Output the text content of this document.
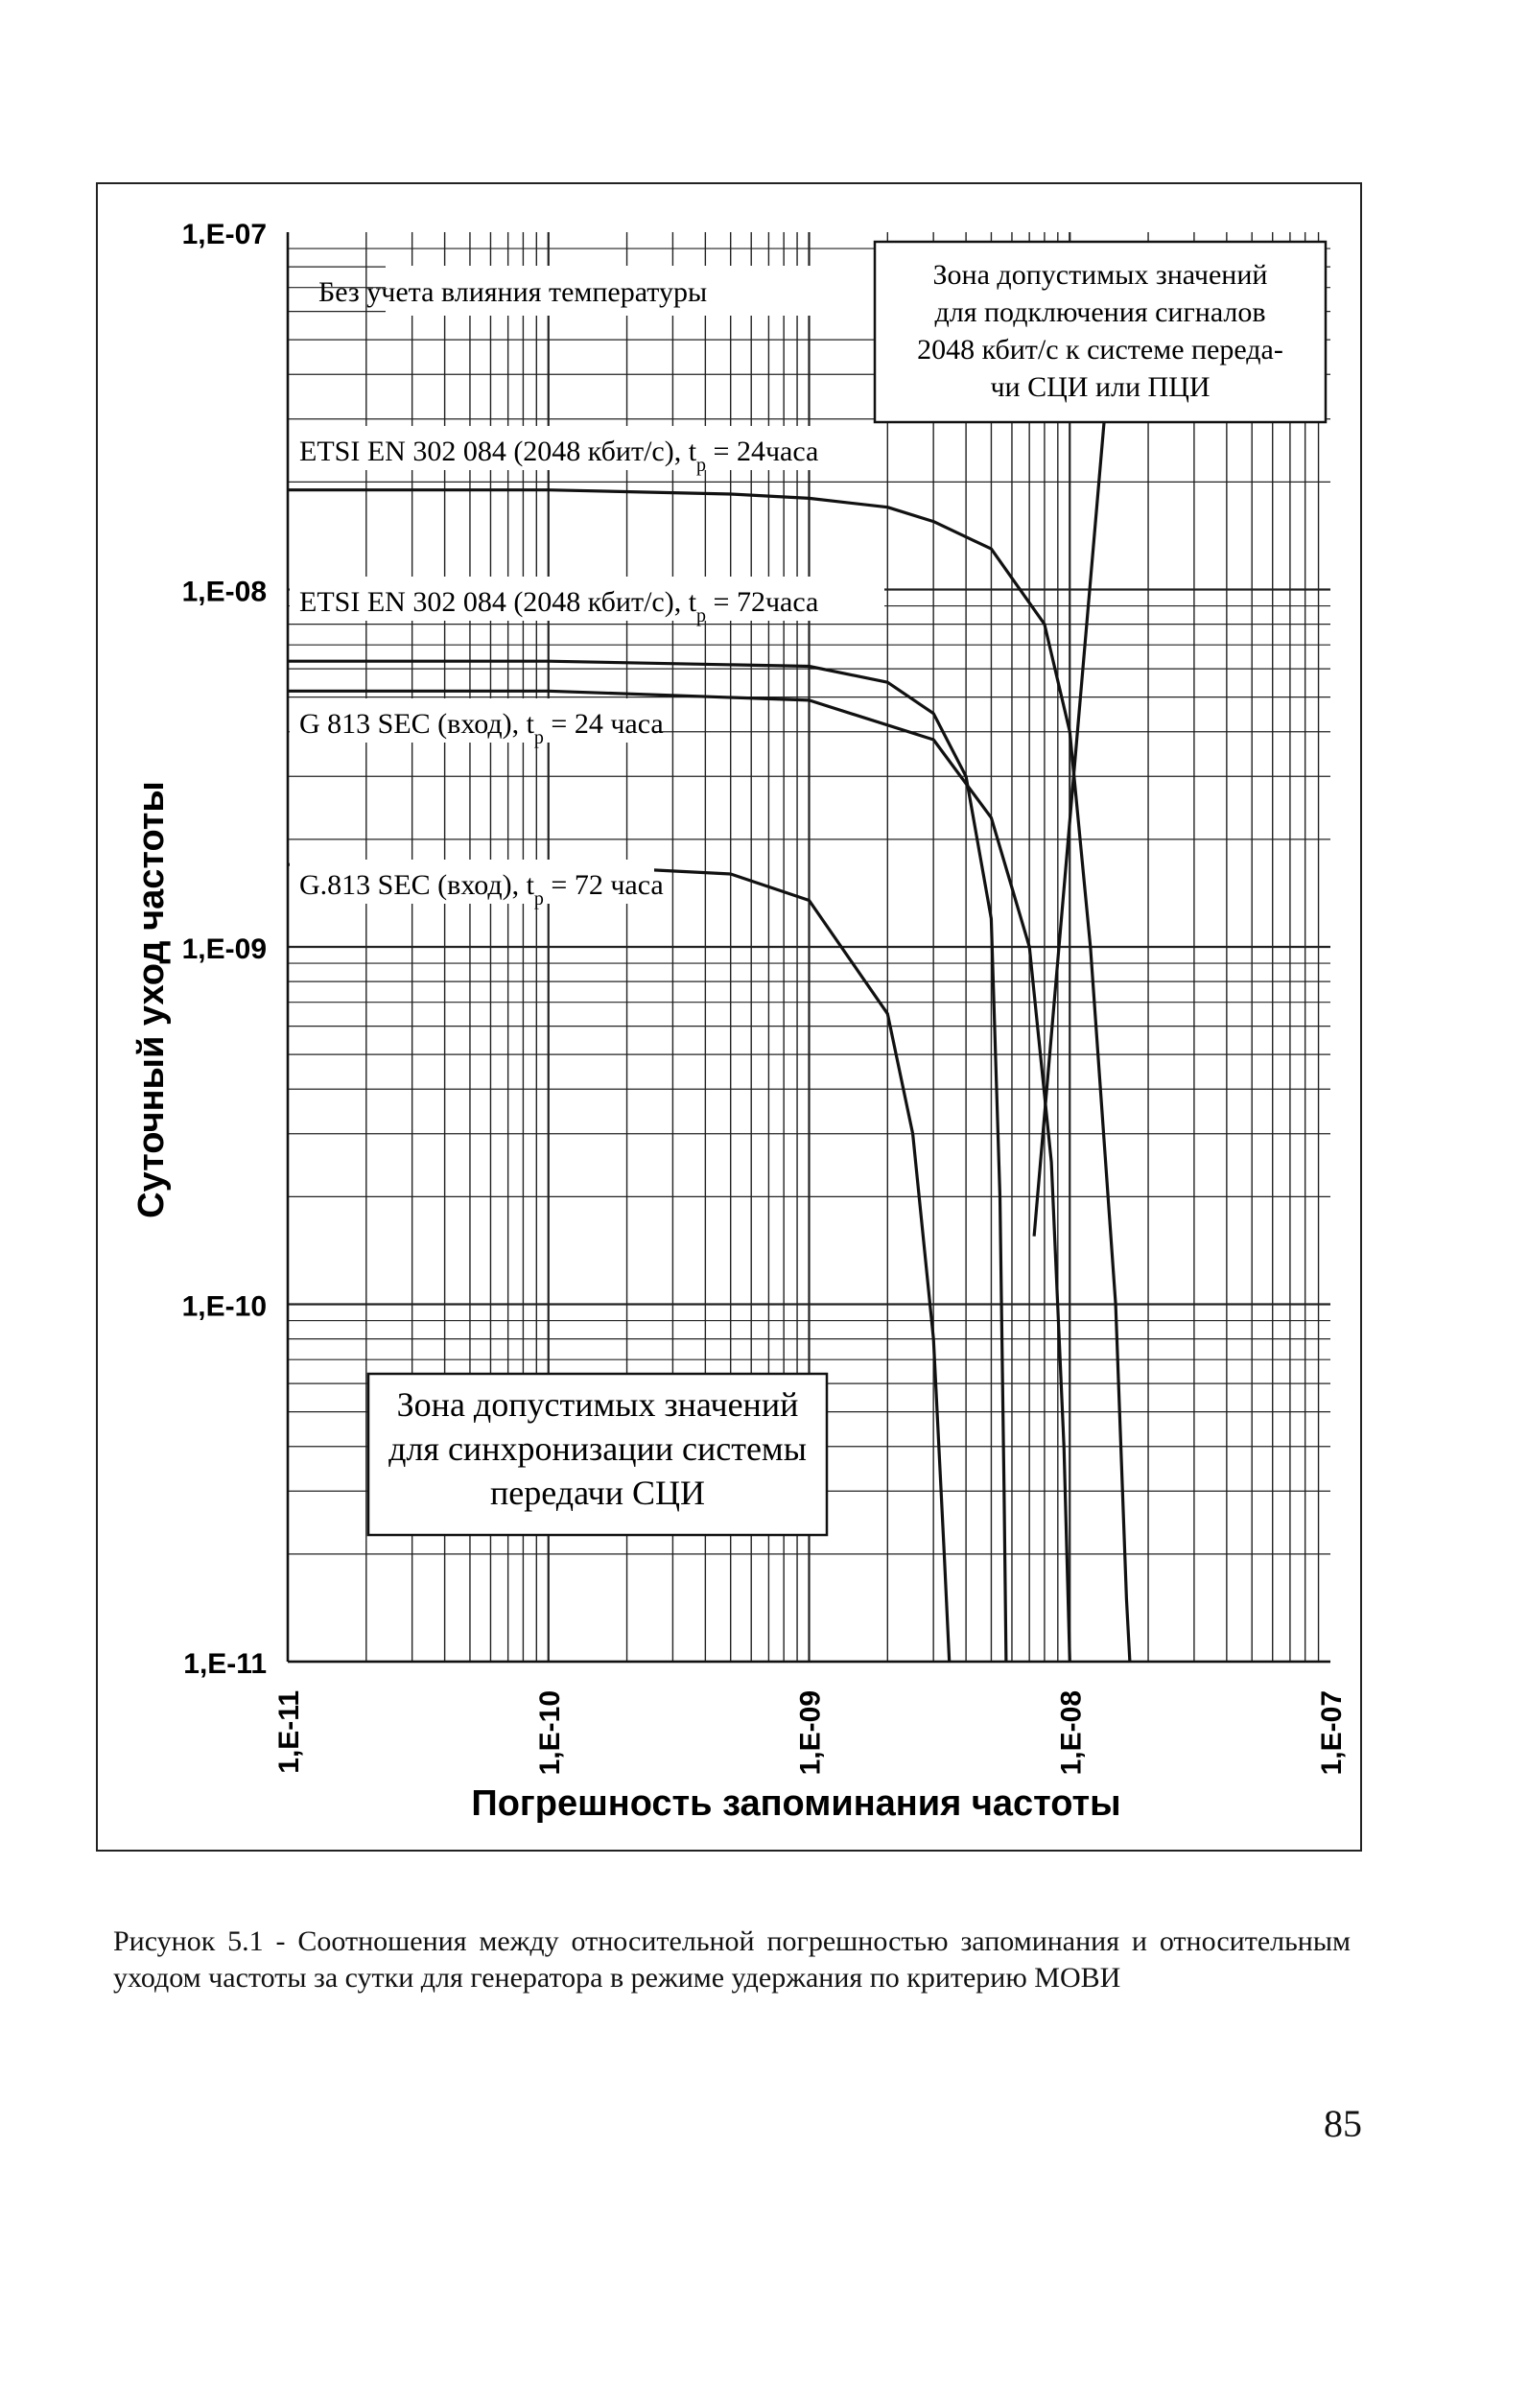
1,E-07
1,E-08
1,E-09
1,E-10
1,E-11
1,E-11	1,E-10	1,E-09	1,E-08	1,E-07
ETSI EN 302 084 (2048 кбит/с), $t_p$ = 24часа
ETSI EN 302 084 (2048 кбит/с), $t_p$ = 72часа
G 813 SEC (вход), $t_p = 24$ часа
G.813 SEC (вход), $t_p = 72$ часа
Без учета влияния температуры
Зона допустимых значений
для подключения сигналов
2048 кбит/с к системе переда-
чи СЦИ или ПЦИ
Зона допустимых значений
для синхронизации системы
передачи СЦИ
Суточный уход частоты
Погрешность запоминания частоты
Рисунок 5.1 - Соотношения между относительной погрешностью запоминания и относительным уходом частоты за сутки для генератора в режиме удержания по критерию МОВИ
85
